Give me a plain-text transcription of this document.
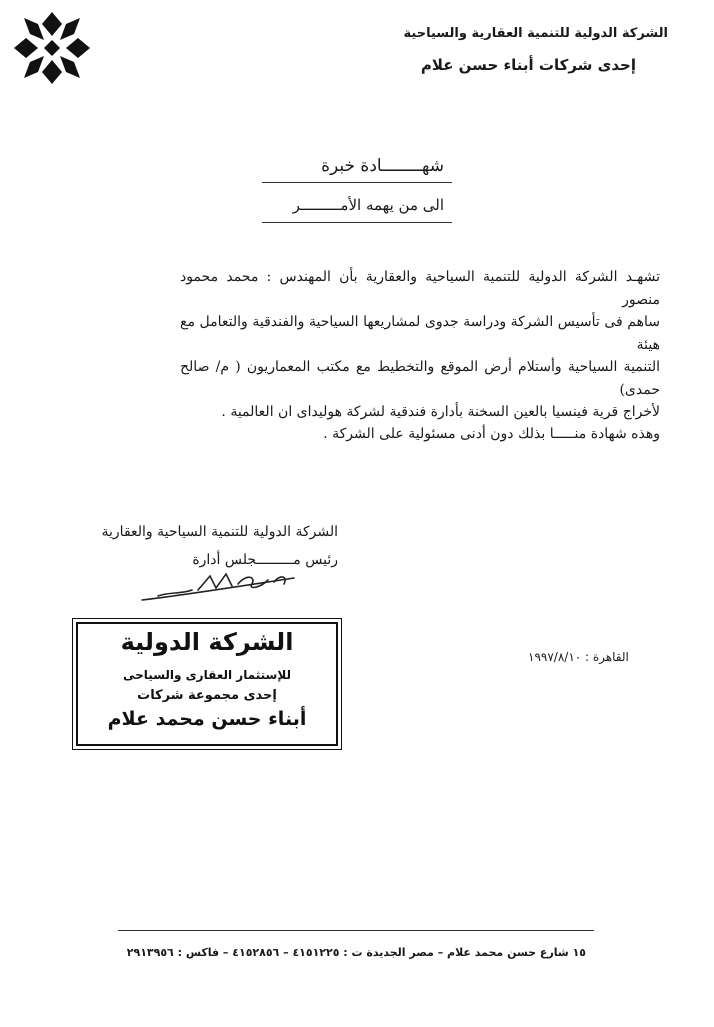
الشركة الدولية للتنمية العقارية والسياحية
إحدى شركات أبناء حسن علام
شهــــــــادة خبرة
الى من يهمه الأمـــــــــر

تشهـد الشركة الدولية للتنمية السياحية والعقارية بأن المهندس : محمد محمود منصور

ساهم فى تأسيس الشركة ودراسة جدوى لمشاريعها السياحية والفندقية والتعامل مع هيئة

التنمية السياحية وأستلام أرض الموقع والتخطيط مع مكتب المعماريون ( م/ صالح حمدى)

لأخراج قرية فينسيا بالعين السخنة بأدارة فندقية لشركة هوليداى ان العالمية .

وهذه شهادة منـــــا بذلك دون أدنى مسئولية على الشركة .
الشركة الدولية للتنمية السياحية والعقارية
رئيس مـــــــــجلس أدارة
الشركة الدولية
للإستثمار العقارى والسياحى
إحدى مجموعة شركات
أبناء حسن محمد علام
القاهرة : ١٩٩٧/٨/١٠
١٥ شارع حسن محمد علام – مصر الجديدة ت : ٤١٥١٢٢٥ – ٤١٥٢٨٥٦ – فاكس : ٢٩١٣٩٥٦
